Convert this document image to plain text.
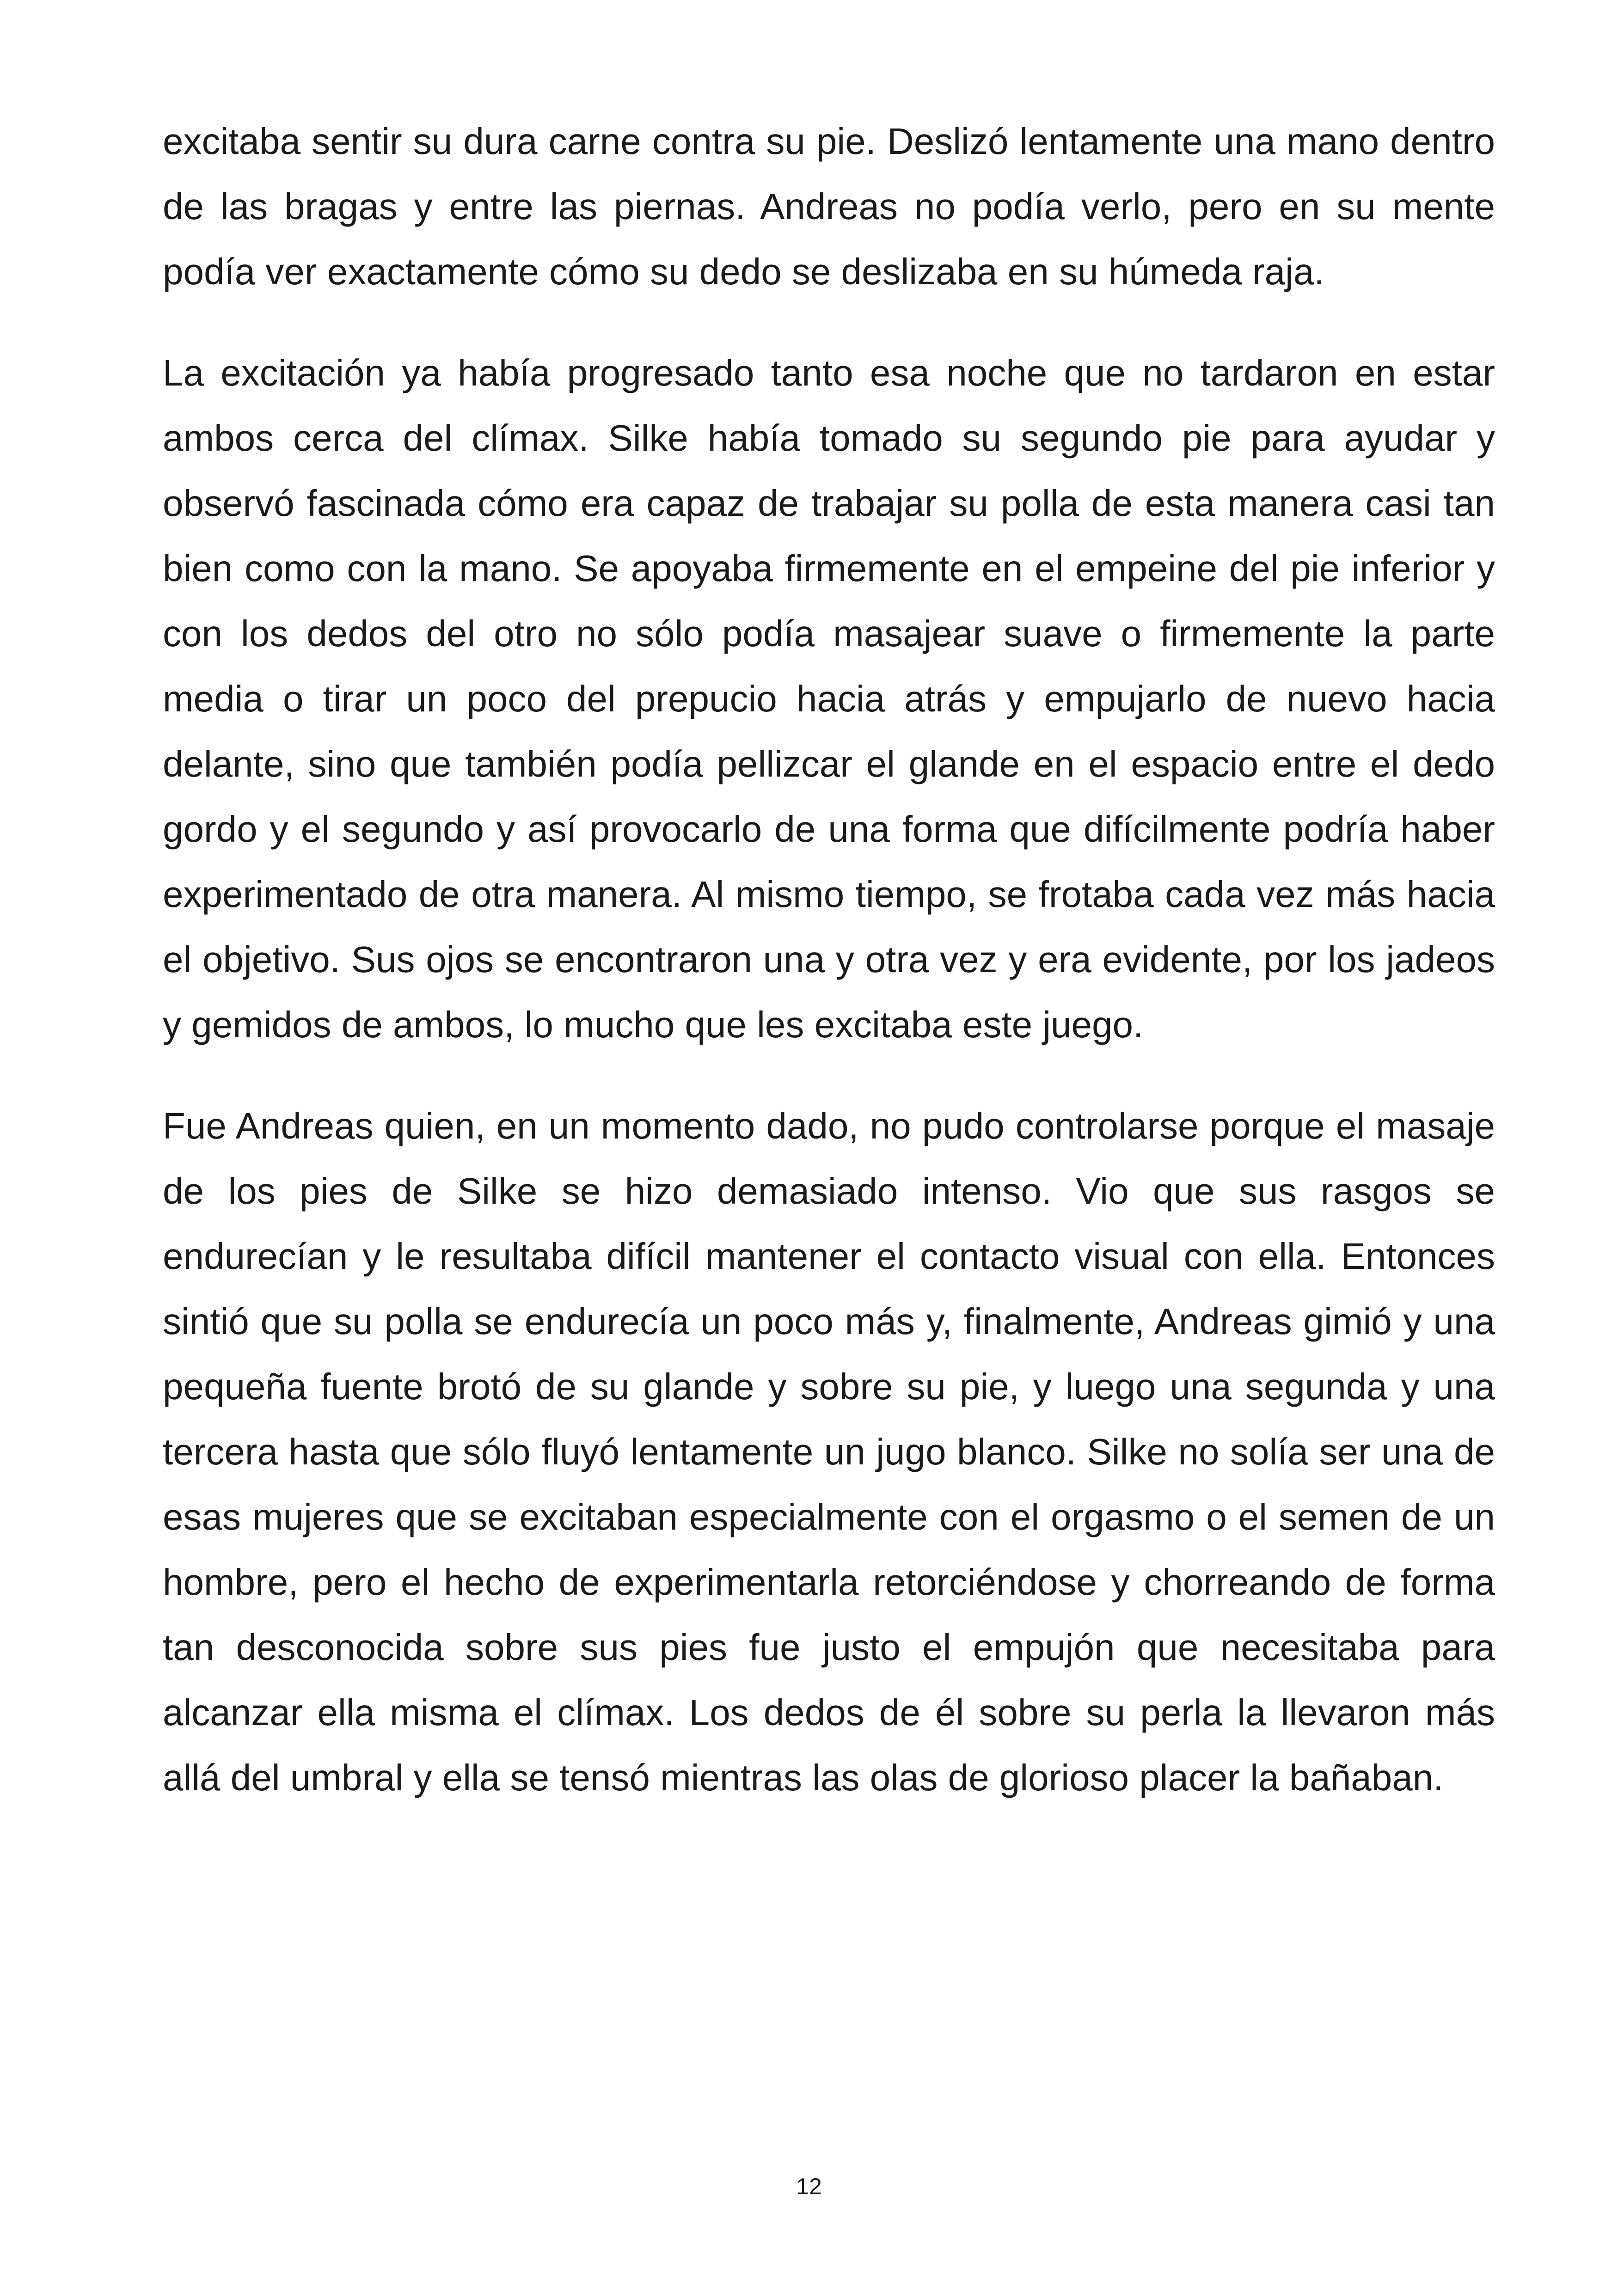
excitaba sentir su dura carne contra su pie. Deslizó lentamente una mano dentro de las bragas y entre las piernas. Andreas no podía verlo, pero en su mente podía ver exactamente cómo su dedo se deslizaba en su húmeda raja.

La excitación ya había progresado tanto esa noche que no tardaron en estar ambos cerca del clímax. Silke había tomado su segundo pie para ayudar y observó fascinada cómo era capaz de trabajar su polla de esta manera casi tan bien como con la mano. Se apoyaba firmemente en el empeine del pie inferior y con los dedos del otro no sólo podía masajear suave o firmemente la parte media o tirar un poco del prepucio hacia atrás y empujarlo de nuevo hacia delante, sino que también podía pellizcar el glande en el espacio entre el dedo gordo y el segundo y así provocarlo de una forma que difícilmente podría haber experimentado de otra manera. Al mismo tiempo, se frotaba cada vez más hacia el objetivo. Sus ojos se encontraron una y otra vez y era evidente, por los jadeos y gemidos de ambos, lo mucho que les excitaba este juego.

Fue Andreas quien, en un momento dado, no pudo controlarse porque el masaje de los pies de Silke se hizo demasiado intenso. Vio que sus rasgos se endurecían y le resultaba difícil mantener el contacto visual con ella. Entonces sintió que su polla se endurecía un poco más y, finalmente, Andreas gimió y una pequeña fuente brotó de su glande y sobre su pie, y luego una segunda y una tercera hasta que sólo fluyó lentamente un jugo blanco. Silke no solía ser una de esas mujeres que se excitaban especialmente con el orgasmo o el semen de un hombre, pero el hecho de experimentarla retorciéndose y chorreando de forma tan desconocida sobre sus pies fue justo el empujón que necesitaba para alcanzar ella misma el clímax. Los dedos de él sobre su perla la llevaron más allá del umbral y ella se tensó mientras las olas de glorioso placer la bañaban.

12
